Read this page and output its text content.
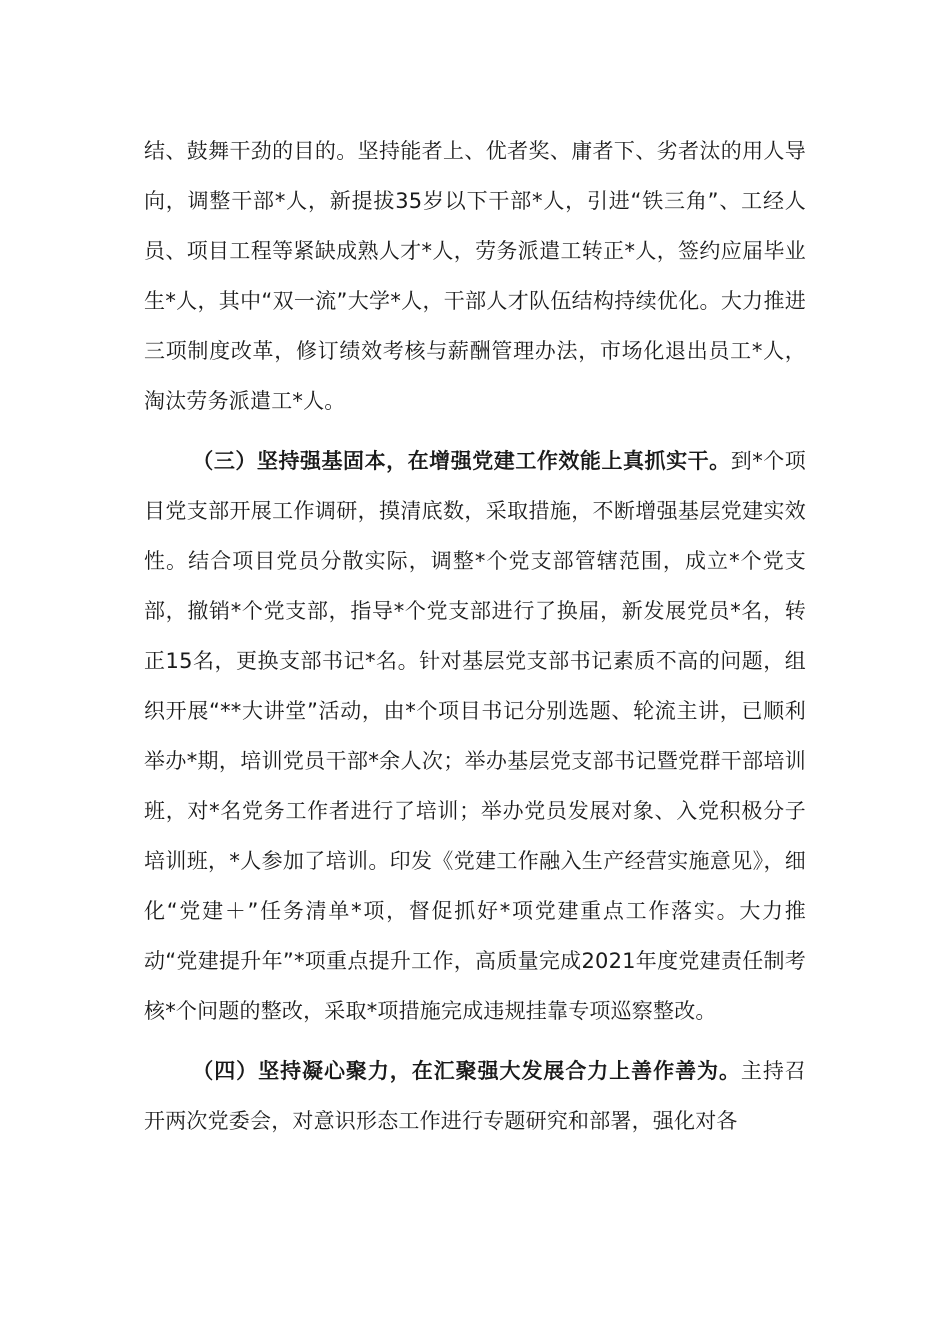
结、鼓舞干劲的目的。坚持能者上、优者奖、庸者下、劣者汰的用人导向，调整干部*人，新提拔35岁以下干部*人，引进“铁三角”、工经人员、项目工程等紧缺成熟人才*人，劳务派遣工转正*人，签约应届毕业生*人，其中“双一流”大学*人，干部人才队伍结构持续优化。大力推进三项制度改革，修订绩效考核与薪酬管理办法，市场化退出员工*人，淘汰劳务派遣工*人。

（三）坚持强基固本，在增强党建工作效能上真抓实干。到*个项目党支部开展工作调研，摸清底数，采取措施，不断增强基层党建实效性。结合项目党员分散实际，调整*个党支部管辖范围，成立*个党支部，撤销*个党支部，指导*个党支部进行了换届，新发展党员*名，转正15名，更换支部书记*名。针对基层党支部书记素质不高的问题，组织开展“**大讲堂”活动，由*个项目书记分别选题、轮流主讲，已顺利举办*期，培训党员干部*余人次；举办基层党支部书记暨党群干部培训班，对*名党务工作者进行了培训；举办党员发展对象、入党积极分子培训班，*人参加了培训。印发《党建工作融入生产经营实施意见》，细化“党建＋”任务清单*项，督促抓好*项党建重点工作落实。大力推动“党建提升年”*项重点提升工作，高质量完成2021年度党建责任制考核*个问题的整改，采取*项措施完成违规挂靠专项巡察整改。

（四）坚持凝心聚力，在汇聚强大发展合力上善作善为。主持召开两次党委会，对意识形态工作进行专题研究和部署，强化对各
